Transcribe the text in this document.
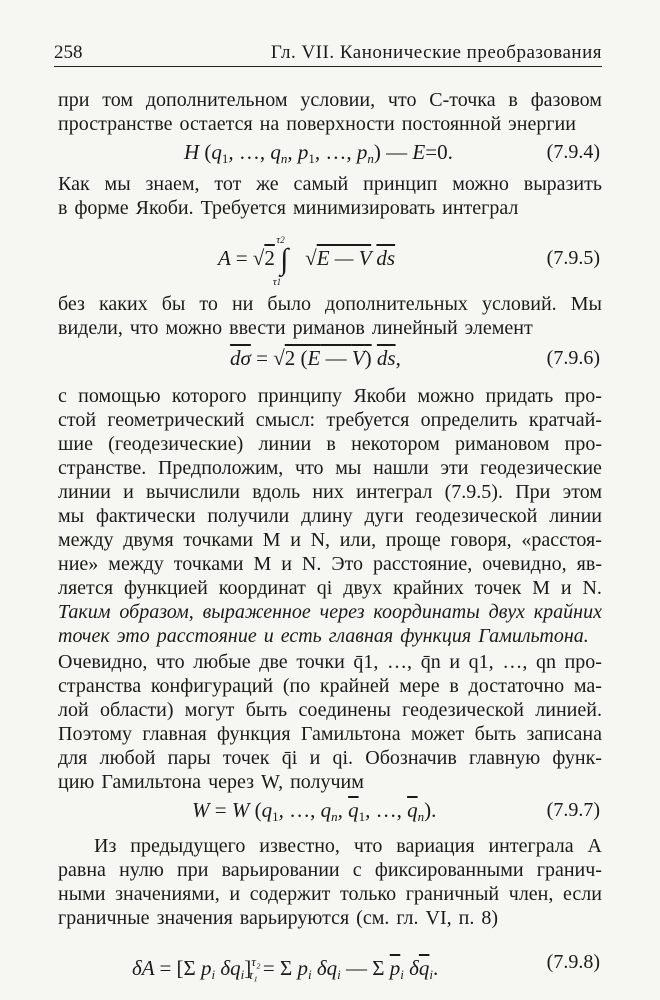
258	Гл. VII. Канонические преобразования
при том дополнительном условии, что C-точка в фазовом
пространстве остается на поверхности постоянной энергии
H ($q_1$, …, $q_n$, $p_1$, …, $p_n$) — E=0.	(7.9.4)
Как мы знаем, тот же самый принцип можно выразить
в форме Якоби. Требуется минимизировать интеграл
A = √2 ∫$^{\tau 2}_{\tau 1}$√E — V $\overline{ds}$	(7.9.5)
без каких бы то ни было дополнительных условий. Мы
видели, что можно ввести риманов линейный элемент
$\overline{d\sigma} = √2$ (E — V) $\overline{ds}$,	(7.9.6)
с помощью которого принципу Якоби можно придать про-
стой геометрический смысл: требуется определить кратчай-
шие (геодезические) линии в некотором римановом про-
странстве. Предположим, что мы нашли эти геодезические
линии и вычислили вдоль них интеграл (7.9.5). При этом
мы фактически получили длину дуги геодезической линии
между двумя точками M и N, или, проще говоря, «расстоя-
ние» между точками M и N. Это расстояние, очевидно, яв-
ляется функцией координат qi двух крайних точек M и N.
Таким образом, выраженное через координаты двух крайних
точек это расстояние и есть главная функция Гамильтона.
Очевидно, что любые две точки q̄1, …, q̄n и q1, …, qn про-
странства конфигураций (по крайней мере в достаточно ма-
лой области) могут быть соединены геодезической линией.
Поэтому главная функция Гамильтона может быть записана
для любой пары точек q̄i и qi. Обозначив главную функ-
цию Гамильтона через W, получим
W = W ($q_1$, …, $q_n$, $\overline{q}_1$, …, $\overline{q}_n$).	(7.9.7)
Из предыдущего известно, что вариация интеграла A
равна нулю при варьировании с фиксированными гранич-
ными значениями, и содержит только граничный член, если
граничные значения варьируются (см. гл. VI, п. 8)
δA = [Σ $p_i$ $\delta q_i]^{\tau_2}_{\tau_1} = \Sigma$ $p_i$ $\delta q_i$ — Σ $\overline{p}_i$ $\delta\overline{q}_i$.	(7.9.8)
